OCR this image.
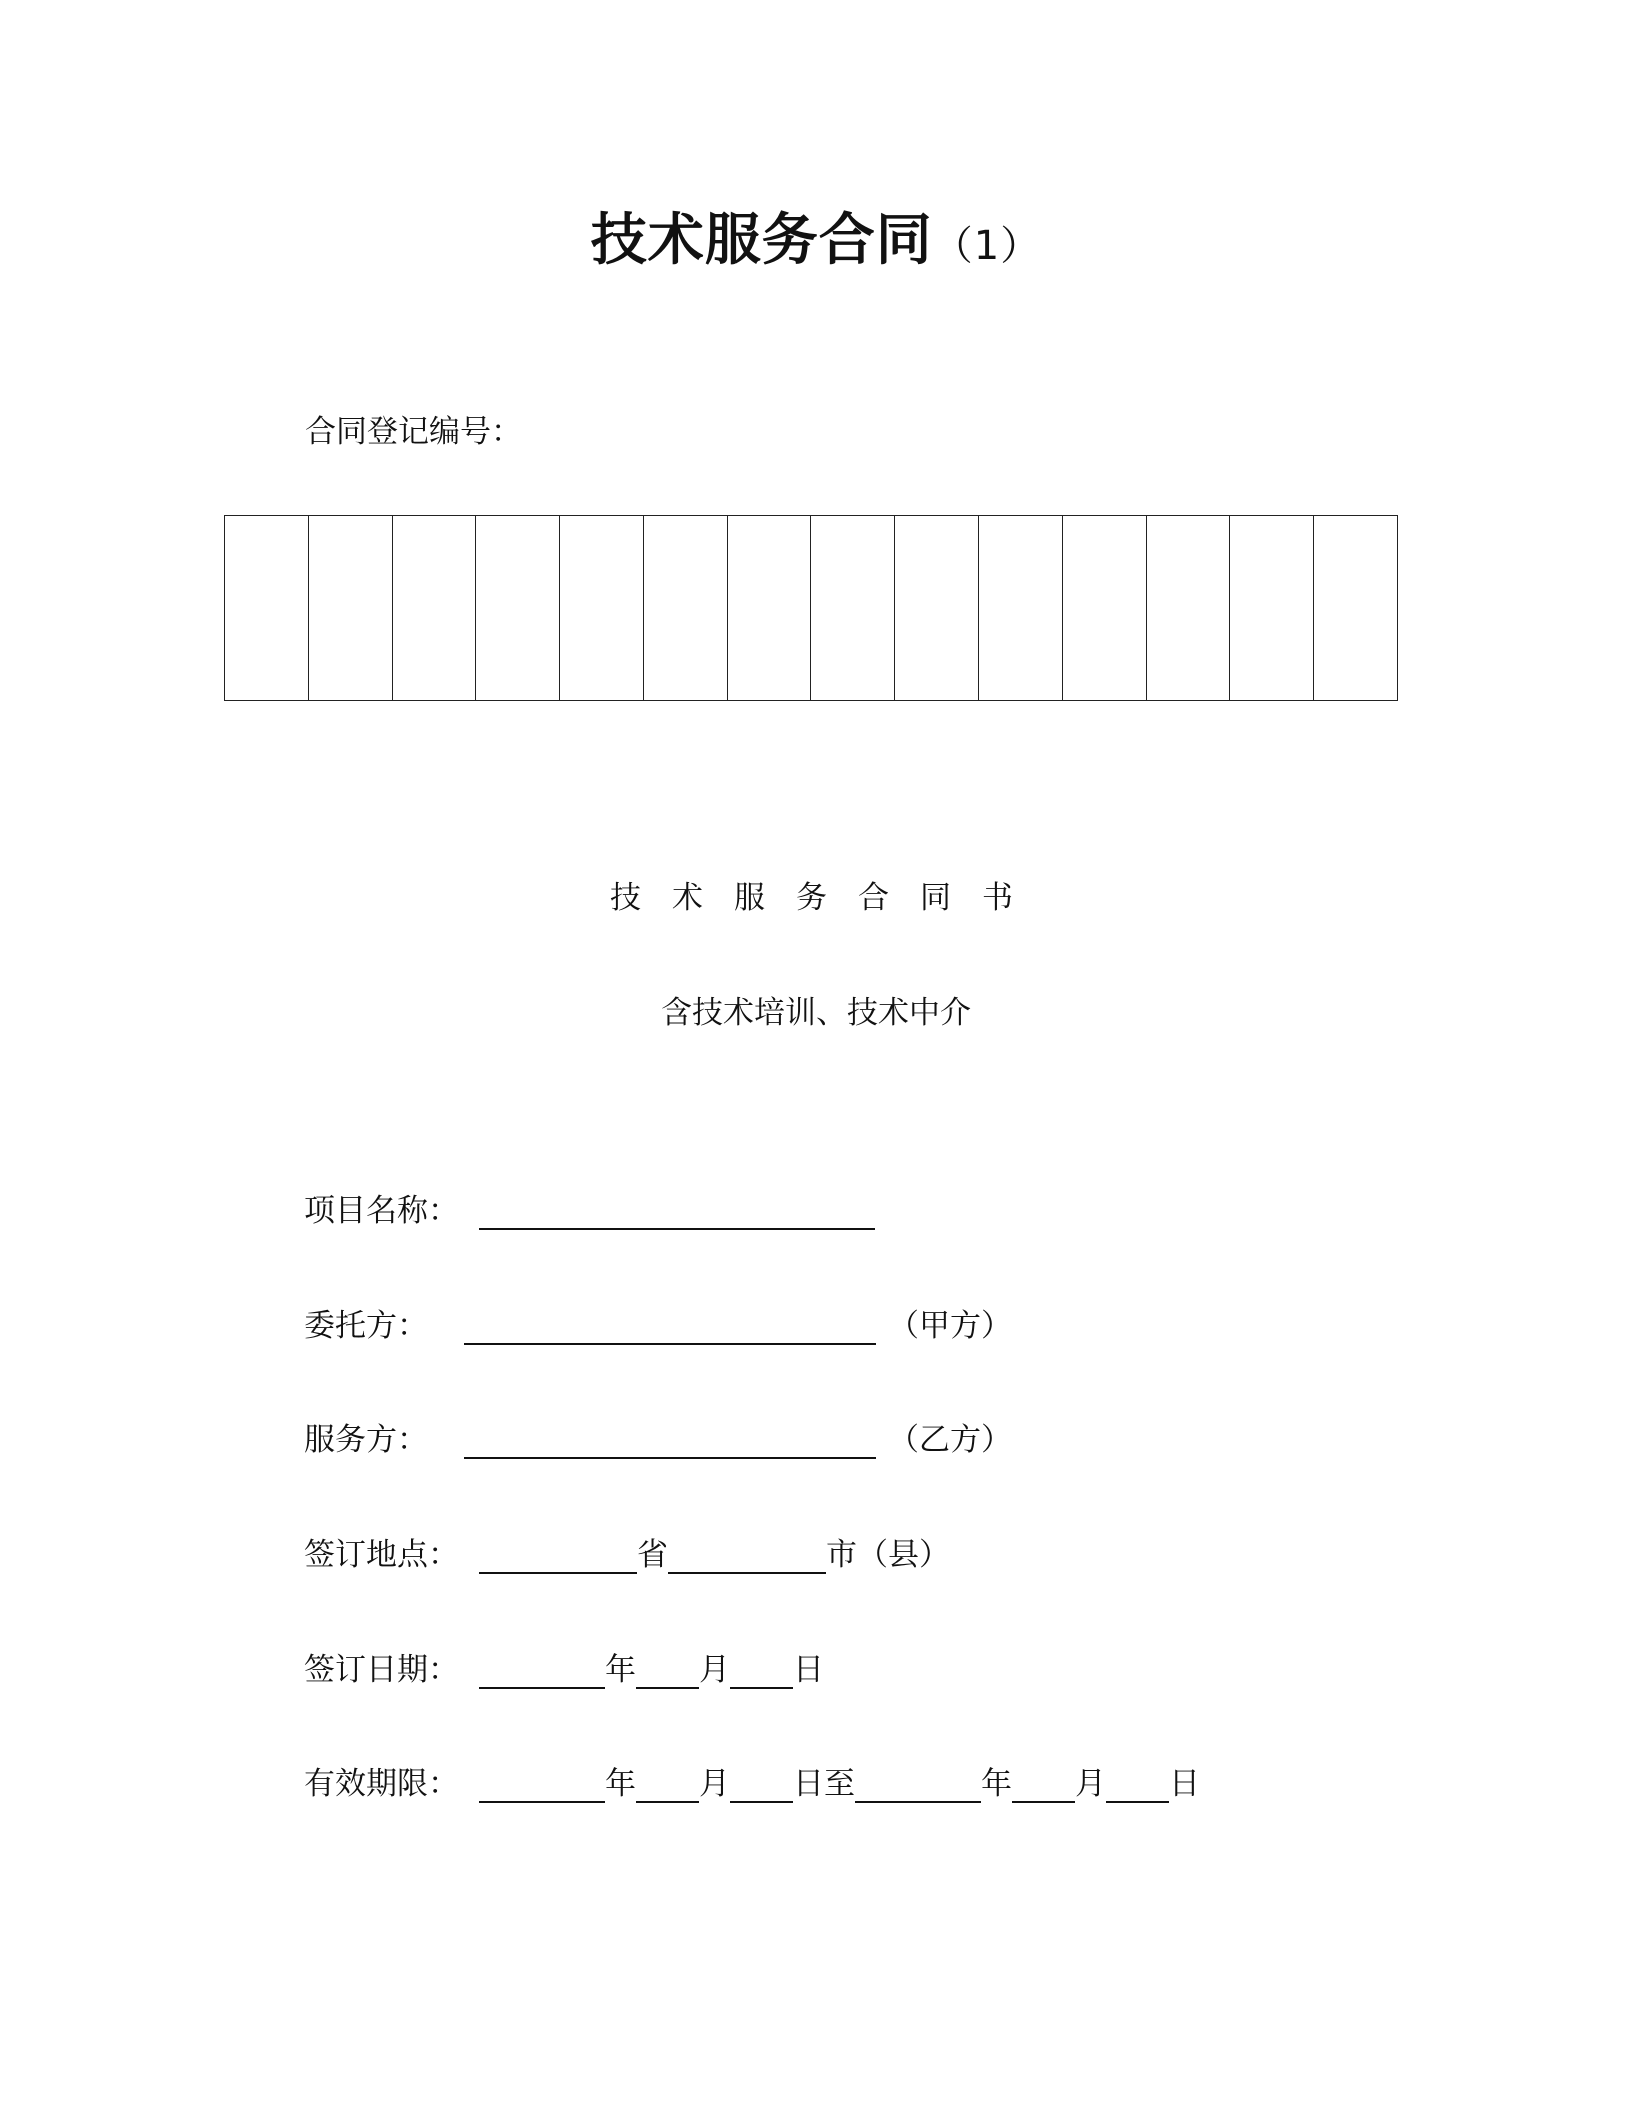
技术服务合同（1）
合同登记编号：
技术服务合同书
含技术培训、技术中介
项目名称：
委托方：	（甲方）
服务方：	（乙方）
签订地点：	省	市（县）
签订日期：	年 月 日
有效期限：	年 月 日至	年 月 日
